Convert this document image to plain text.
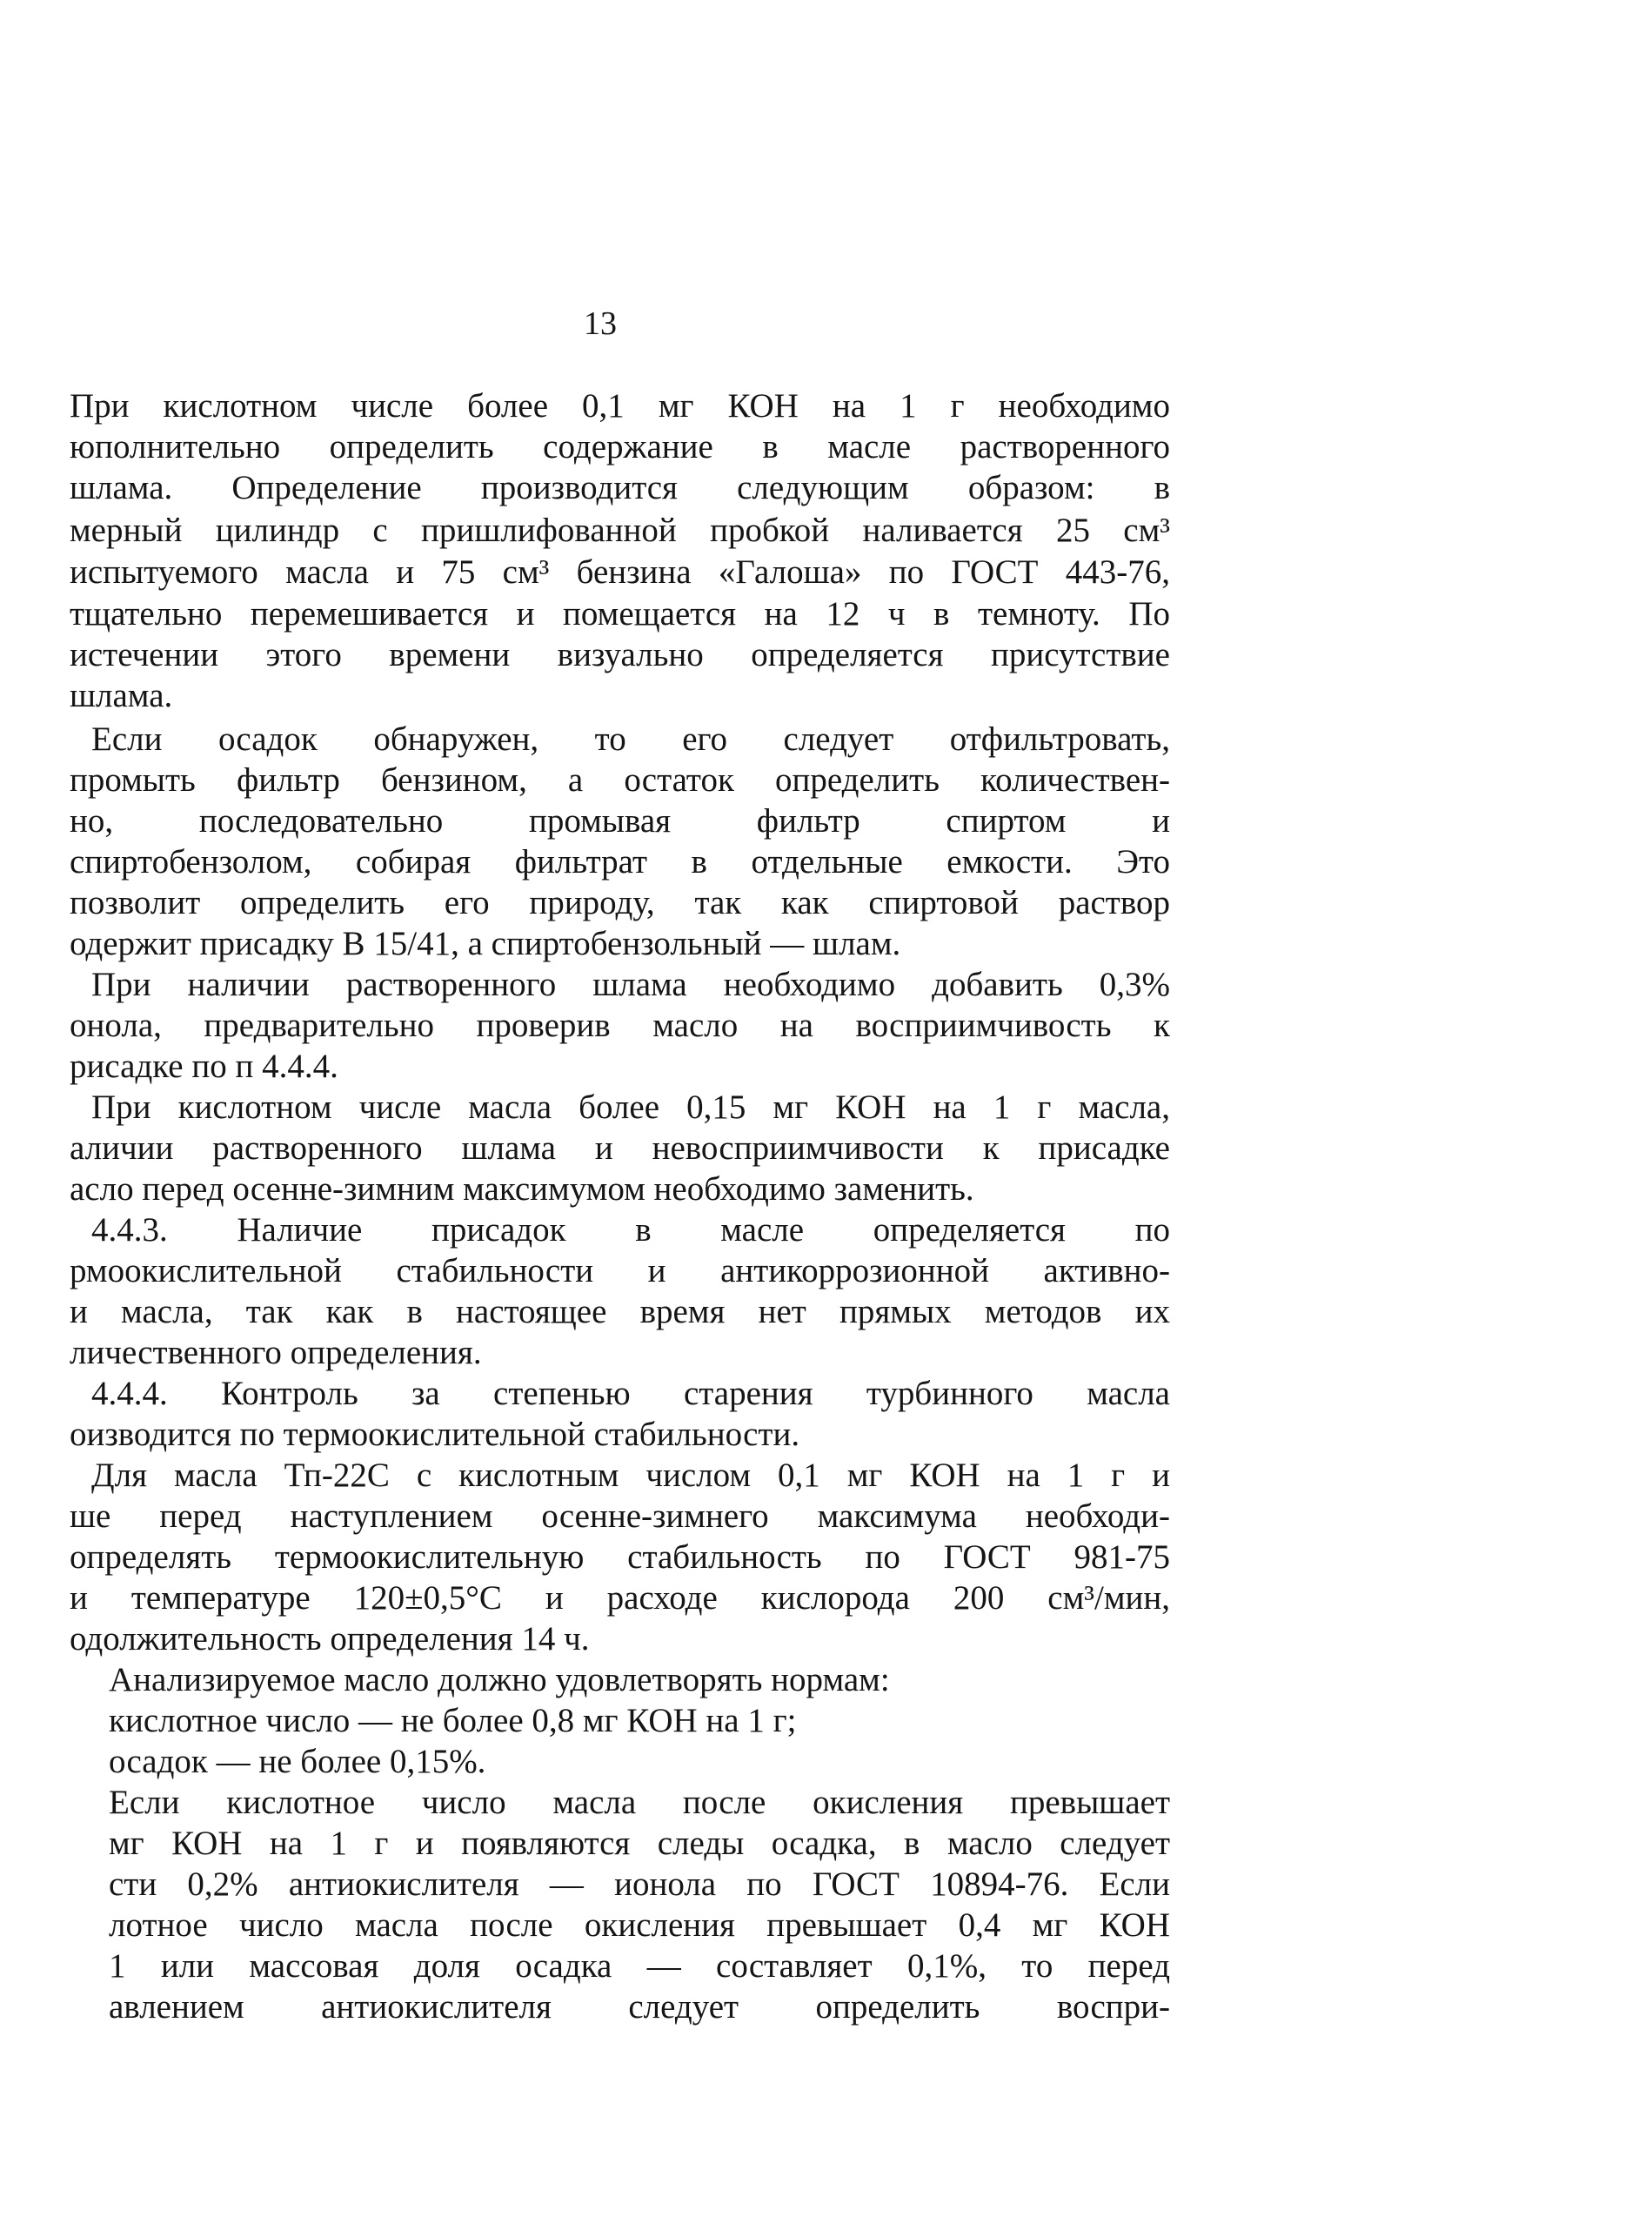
13
При кислотном числе более 0,1 мг КОН на 1 г необходимо
юполнительно определить содержание в масле растворенного
шлама. Определение производится следующим образом: в
мерный цилиндр с пришлифованной пробкой наливается 25 см³
испытуемого масла и 75 см³ бензина «Галоша» по ГОСТ 443-76,
тщательно перемешивается и помещается на 12 ч в темноту. По
истечении этого времени визуально определяется присутствие
шлама.
Если осадок обнаружен, то его следует отфильтровать,
промыть фильтр бензином, а остаток определить количествен-
но, последовательно промывая фильтр спиртом и
спиртобензолом, собирая фильтрат в отдельные емкости. Это
позволит определить его природу, так как спиртовой раствор
одержит присадку В 15/41, а спиртобензольный — шлам.
При наличии растворенного шлама необходимо добавить 0,3%
онола, предварительно проверив масло на восприимчивость к
рисадке по п 4.4.4.
При кислотном числе масла более 0,15 мг КОН на 1 г масла,
аличии растворенного шлама и невосприимчивости к присадке
асло перед осенне-зимним максимумом необходимо заменить.
4.4.3. Наличие присадок в масле определяется по
рмоокислительной стабильности и антикоррозионной активно-
и масла, так как в настоящее время нет прямых методов их
личественного определения.
4.4.4. Контроль за степенью старения турбинного масла
оизводится по термоокислительной стабильности.
Для масла Тп-22С с кислотным числом 0,1 мг КОН на 1 г и
ше перед наступлением осенне-зимнего максимума необходи-
определять термоокислительную стабильность по ГОСТ 981-75
и температуре 120±0,5°С и расходе кислорода 200 см³/мин,
одолжительность определения 14 ч.
Анализируемое масло должно удовлетворять нормам:
кислотное число — не более 0,8 мг КОН на 1 г;
осадок — не более 0,15%.
Если кислотное число масла после окисления превышает
мг КОН на 1 г и появляются следы осадка, в масло следует
сти 0,2% антиокислителя — ионола по ГОСТ 10894-76. Если
лотное число масла после окисления превышает 0,4 мг КОН
1 или массовая доля осадка — составляет 0,1%, то перед
авлением антиокислителя следует определить воспри-
